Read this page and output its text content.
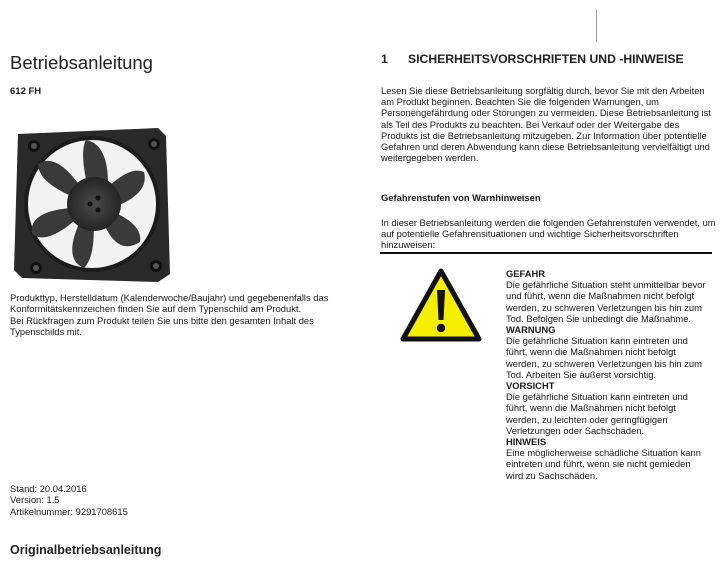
Betriebsanleitung
612 FH

Produkttyp, Herstelldatum (Kalenderwoche/Baujahr) und gegebenenfalls das Konformitätskennzeichen finden Sie auf dem Typenschild am Produkt.

Bei Rückfragen zum Produkt teilen Sie uns bitte den gesamten Inhalt des Typenschilds mit.

Stand: 20.04.2016
Version: 1.5
Artikelnummer: 9291708615
Originalbetriebsanleitung
1 SICHERHEITSVORSCHRIFTEN UND -HINWEISE
Lesen Sie diese Betriebsanleitung sorgfältig durch, bevor Sie mit den Arbeiten am Produkt beginnen. Beachten Sie die folgenden Warnungen, um Personengefährdung oder Störungen zu vermeiden. Diese Betriebsanleitung ist als Teil des Produkts zu beachten. Bei Verkauf oder der Weitergabe des Produkts ist die Betriebsanleitung mitzugeben. Zur Information über potentielle Gefahren und deren Abwendung kann diese Betriebsanleitung vervielfältigt und weitergegeben werden.
Gefahrenstufen von Warnhinweisen
In dieser Betriebsanleitung werden die folgenden Gefahrenstufen verwendet, um auf potentielle Gefahrensituationen und wichtige Sicherheitsvorschriften hinzuweisen:
GEFAHR
Die gefährliche Situation steht unmittelbar bevor und führt, wenn die Maßnahmen nicht befolgt werden, zu schweren Verletzungen bis hin zum Tod. Befolgen Sie unbedingt die Maßnahme.
WARNUNG
Die gefährliche Situation kann eintreten und führt, wenn die Maßnahmen nicht befolgt werden, zu schweren Verletzungen bis hin zum Tod. Arbeiten Sie äußerst vorsichtig.
VORSICHT
Die gefährliche Situation kann eintreten und führt, wenn die Maßnahmen nicht befolgt werden, zu leichten oder geringfügigen Verletzungen oder Sachschäden.
HINWEIS
Eine möglicherweise schädliche Situation kann eintreten und führt, wenn sie nicht gemieden wird zu Sachschäden.
